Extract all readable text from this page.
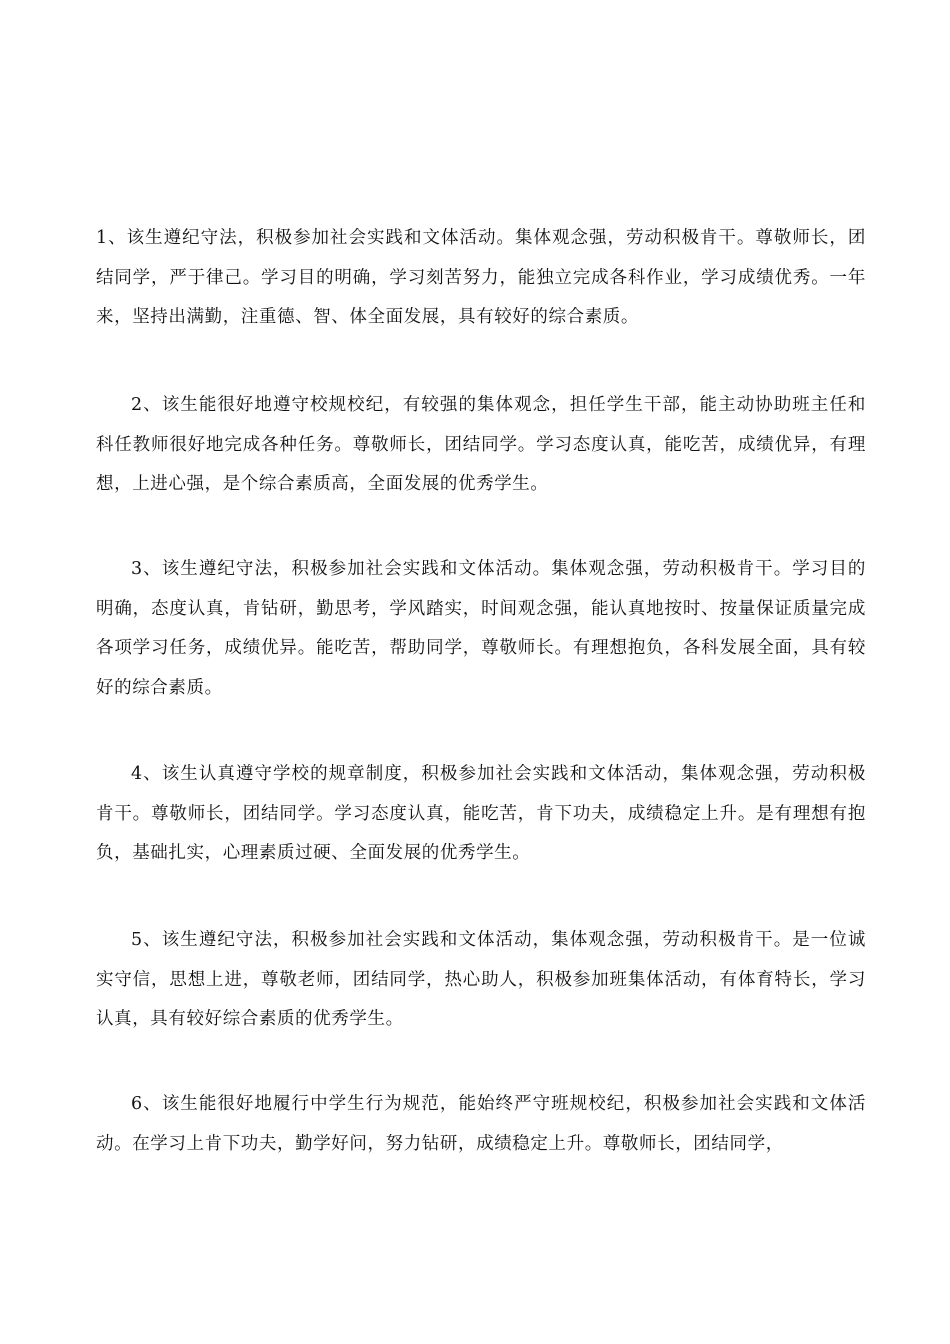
1、该生遵纪守法，积极参加社会实践和文体活动。集体观念强，劳动积极肯干。尊敬师长，团结同学，严于律己。学习目的明确，学习刻苦努力，能独立完成各科作业，学习成绩优秀。一年来，坚持出满勤，注重德、智、体全面发展，具有较好的综合素质。

2、该生能很好地遵守校规校纪，有较强的集体观念，担任学生干部，能主动协助班主任和科任教师很好地完成各种任务。尊敬师长，团结同学。学习态度认真，能吃苦，成绩优异，有理想，上进心强，是个综合素质高，全面发展的优秀学生。

3、该生遵纪守法，积极参加社会实践和文体活动。集体观念强，劳动积极肯干。学习目的明确，态度认真，肯钻研，勤思考，学风踏实，时间观念强，能认真地按时、按量保证质量完成各项学习任务，成绩优异。能吃苦，帮助同学，尊敬师长。有理想抱负，各科发展全面，具有较好的综合素质。

4、该生认真遵守学校的规章制度，积极参加社会实践和文体活动，集体观念强，劳动积极肯干。尊敬师长，团结同学。学习态度认真，能吃苦，肯下功夫，成绩稳定上升。是有理想有抱负，基础扎实，心理素质过硬、全面发展的优秀学生。

5、该生遵纪守法，积极参加社会实践和文体活动，集体观念强，劳动积极肯干。是一位诚实守信，思想上进，尊敬老师，团结同学，热心助人，积极参加班集体活动，有体育特长，学习认真，具有较好综合素质的优秀学生。

6、该生能很好地履行中学生行为规范，能始终严守班规校纪，积极参加社会实践和文体活动。在学习上肯下功夫，勤学好问，努力钻研，成绩稳定上升。尊敬师长，团结同学，
